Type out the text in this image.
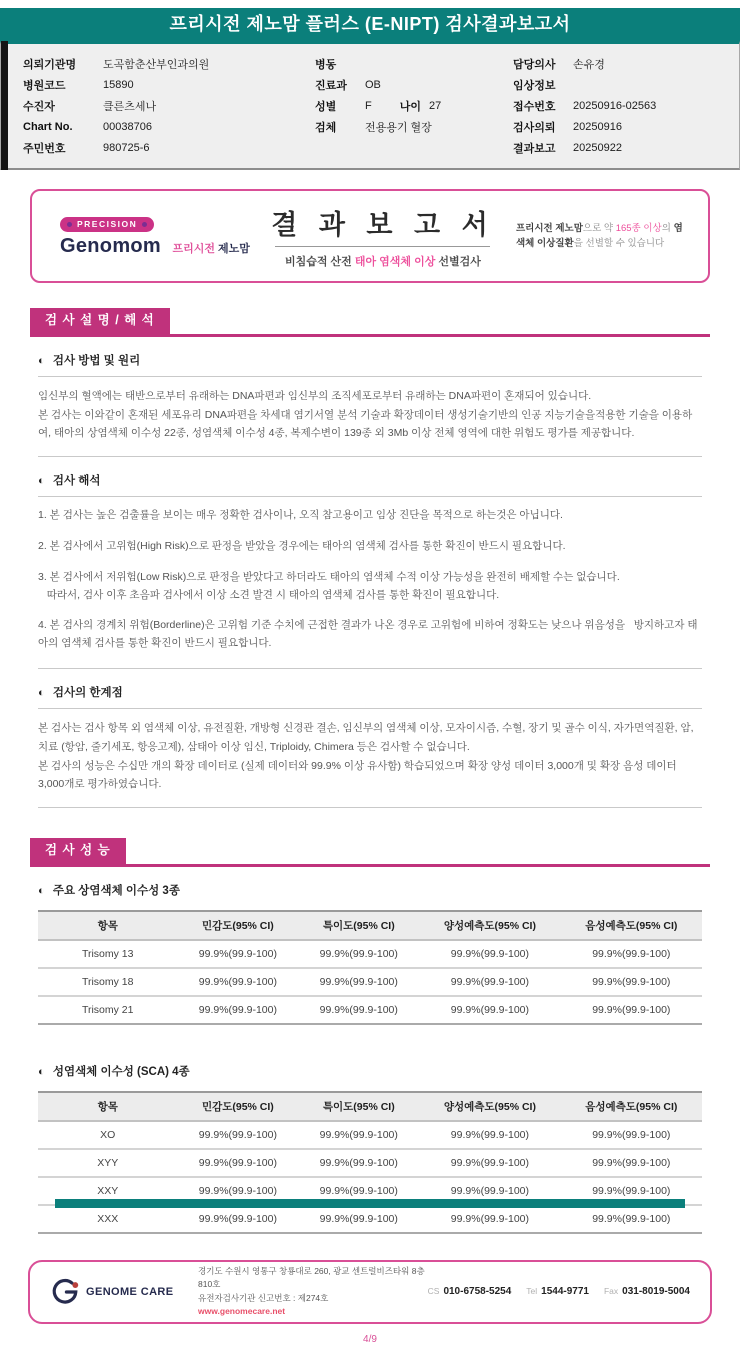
프리시전 제노맘 플러스 (E-NIPT) 검사결과보고서
의뢰기관명	도곡함춘산부인과의원
병원코드	15890
수진자	클른츠세나
Chart No.	00038706
주민번호	980725-6
병동
진료과	OB
성별	F	나이 27
검체	전용용기 혈장
담당의사	손유경
임상정보
접수번호	20250916-02563
검사의뢰	20250916
결과보고	20250922
PRECISION
Genomom 프리시전 제노맘
결 과 보 고 서
비침습적 산전 태아 염색체 이상 선별검사
프리시전 제노맘으로 약 165종 이상의 염색체 이상질환을 선별할 수 있습니다
검 사 설 명 / 해 석
◐ 검사 방법 및 원리
임신부의 혈액에는 태반으로부터 유래하는 DNA파편과 임신부의 조직세포로부터 유래하는 DNA파편이 혼재되어 있습니다.
본 검사는 이와같이 혼재된 세포유리 DNA파편을 차세대 염기서열 분석 기술과 확장데이터 생성기술기반의 인공 지능기술을적용한 기술을 이용하여, 태아의 상염색체 이수성 22종, 성염색체 이수성 4종, 복제수변이 139종 외 3Mb 이상 전체 영역에 대한 위험도 평가를 제공합니다.
◐ 검사 해석

1. 본 검사는 높은 검출률을 보이는 매우 정확한 검사이나, 오직 참고용이고 임상 진단을 목적으로 하는것은 아닙니다.

2. 본 검사에서 고위험(High Risk)으로 판정을 받았을 경우에는 태아의 염색체 검사를 통한 확진이 반드시 필요합니다.

3. 본 검사에서 저위험(Low Risk)으로 판정을 받았다고 하더라도 태아의 염색체 수적 이상 가능성을 완전히 배제할 수는 없습니다.
따라서, 검사 이후 초음파 검사에서 이상 소견 발견 시 태아의 염색체 검사를 통한 확진이 필요합니다.

4. 본 검사의 경계치 위험(Borderline)은 고위험 기준 수치에 근접한 결과가 나온 경우로 고위험에 비하여 정확도는 낮으나 위음성을   방지하고자 태아의 염색체 검사를 통한 확진이 반드시 필요합니다.

◐ 검사의 한계점
본 검사는 검사 항목 외 염색체 이상, 유전질환, 개방형 신경관 결손, 임신부의 염색체 이상, 모자이시즘, 수혈, 장기 및 골수 이식, 자가면역질환, 암, 치료 (항암, 줄기세포, 항응고제), 삼태아 이상 임신, Triploidy, Chimera 등은 검사할 수 없습니다.
본 검사의 성능은 수십만 개의 확장 데이터로 (실제 데이터와 99.9% 이상 유사함) 학습되었으며 확장 양성 데이터 3,000개 및 확장 음성 데이터 3,000개로 평가하였습니다.
검 사 성 능
◐ 주요 상염색체 이수성 3종
항목	민감도(95% CI)	특이도(95% CI)	양성예측도(95% CI)	음성예측도(95% CI)
Trisomy 13	99.9%(99.9-100)	99.9%(99.9-100)	99.9%(99.9-100)	99.9%(99.9-100)
Trisomy 18	99.9%(99.9-100)	99.9%(99.9-100)	99.9%(99.9-100)	99.9%(99.9-100)
Trisomy 21	99.9%(99.9-100)	99.9%(99.9-100)	99.9%(99.9-100)	99.9%(99.9-100)
◐ 성염색체 이수성 (SCA) 4종
항목	민감도(95% CI)	특이도(95% CI)	양성예측도(95% CI)	음성예측도(95% CI)
XO	99.9%(99.9-100)	99.9%(99.9-100)	99.9%(99.9-100)	99.9%(99.9-100)
XYY	99.9%(99.9-100)	99.9%(99.9-100)	99.9%(99.9-100)	99.9%(99.9-100)
XXY	99.9%(99.9-100)	99.9%(99.9-100)	99.9%(99.9-100)	99.9%(99.9-100)
XXX	99.9%(99.9-100)	99.9%(99.9-100)	99.9%(99.9-100)	99.9%(99.9-100)
GENOME CARE
경기도 수원시 영통구 창룡대로 260, 광교 센트럴비즈타워 8층 810호
유전자검사기관 신고번호 : 제274호
www.genomecare.net
CS 010-6758-5254 Tel 1544-9771 Fax 031-8019-5004
4/9
